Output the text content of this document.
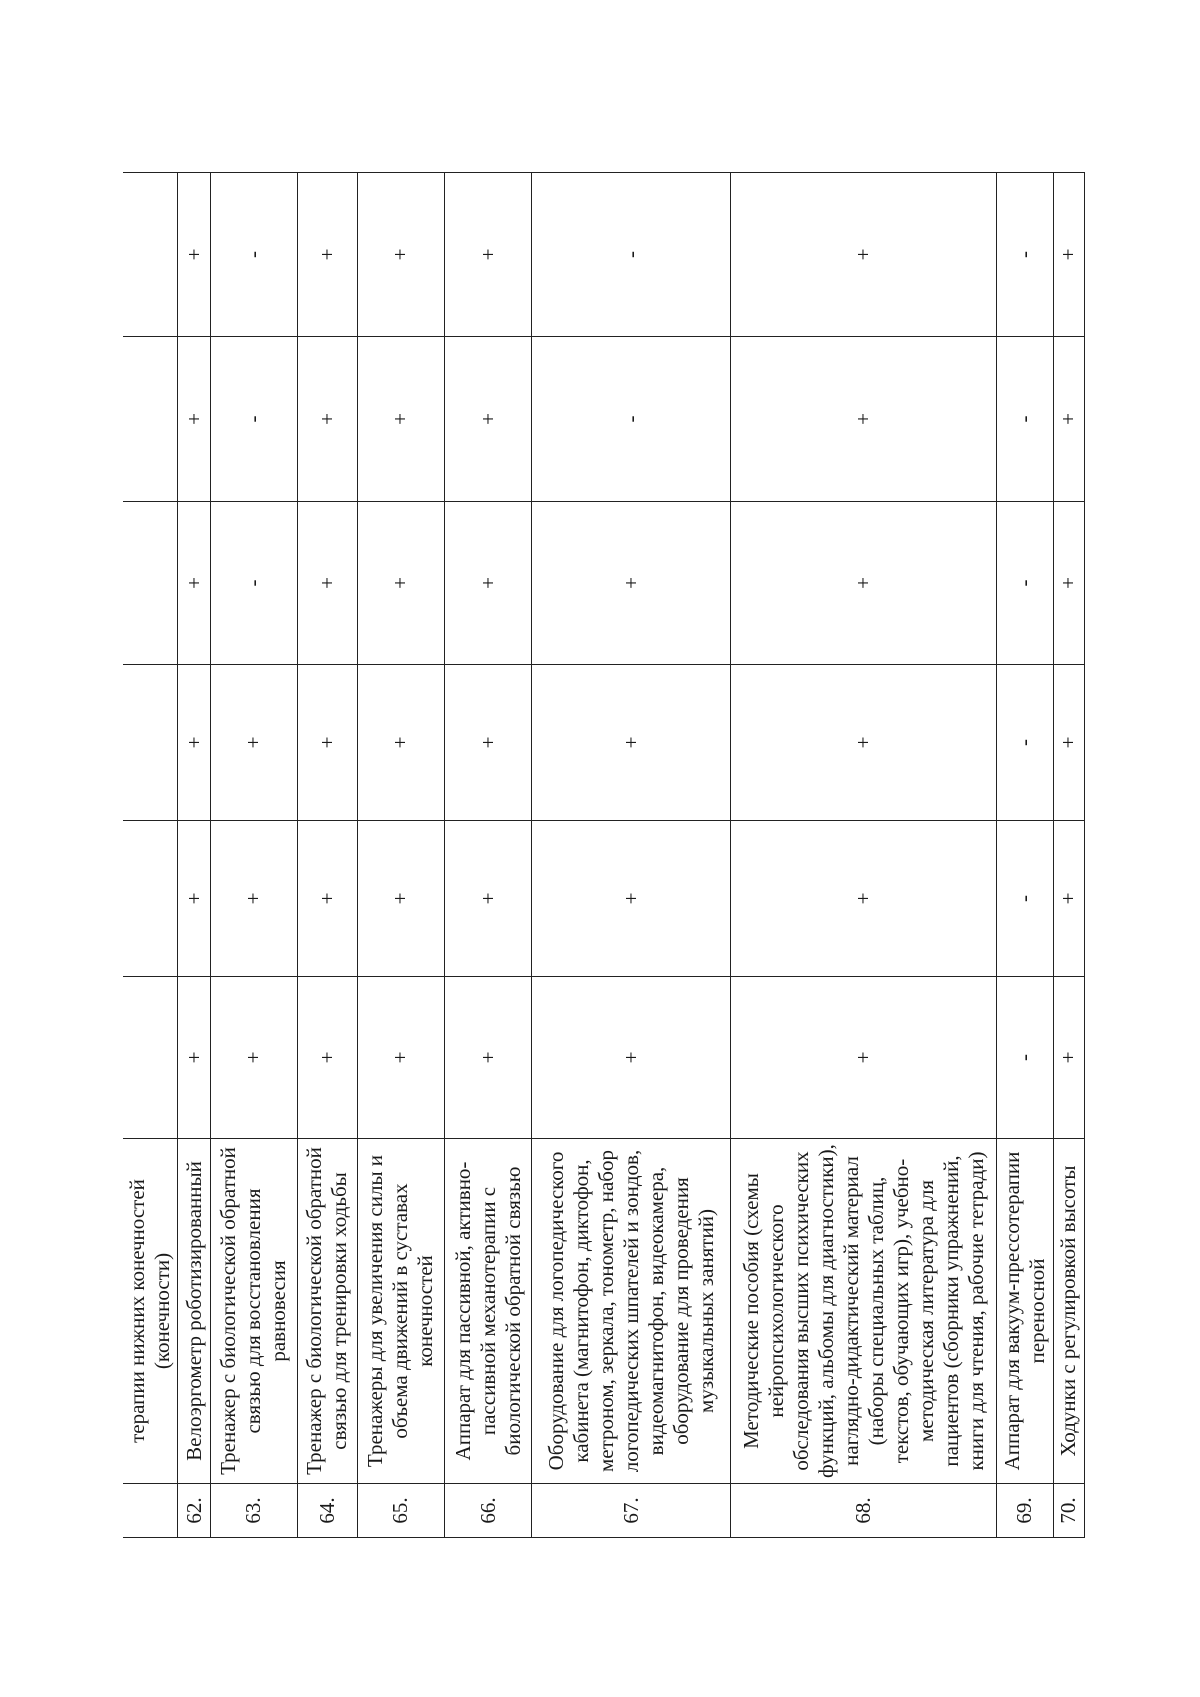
	терапии нижних конечностей (конечности)						
62.	Велоэргометр роботизированный	+	+	+	+	+	+
63.	Тренажер с биологической обратной связью для восстановления равновесия	+	+	+	-	-	-
64.	Тренажер с биологической обратной связью для тренировки ходьбы	+	+	+	+	+	+
65.	Тренажеры для увеличения силы и объема движений в суставах конечностей	+	+	+	+	+	+
66.	Аппарат для пассивной, активно-пассивной механотерапии с биологической обратной связью	+	+	+	+	+	+
67.	Оборудование для логопедического кабинета (магнитофон, диктофон, метроном, зеркала, тонометр, набор логопедических шпателей и зондов, видеомагнитофон, видеокамера, оборудование для проведения музыкальных занятий)	+	+	+	+	-	-
68.	Методические пособия (схемы нейропсихологического обследования высших психических функций, альбомы для диагностики), наглядно-дидактический материал (наборы специальных таблиц, текстов, обучающих игр), учебно-методическая литература для пациентов (сборники упражнений, книги для чтения, рабочие тетради)	+	+	+	+	+	+
69.	Аппарат для вакуум-прессотерапии переносной	-	-	-	-	-	-
70.	Ходунки с регулировкой высоты	+	+	+	+	+	+
